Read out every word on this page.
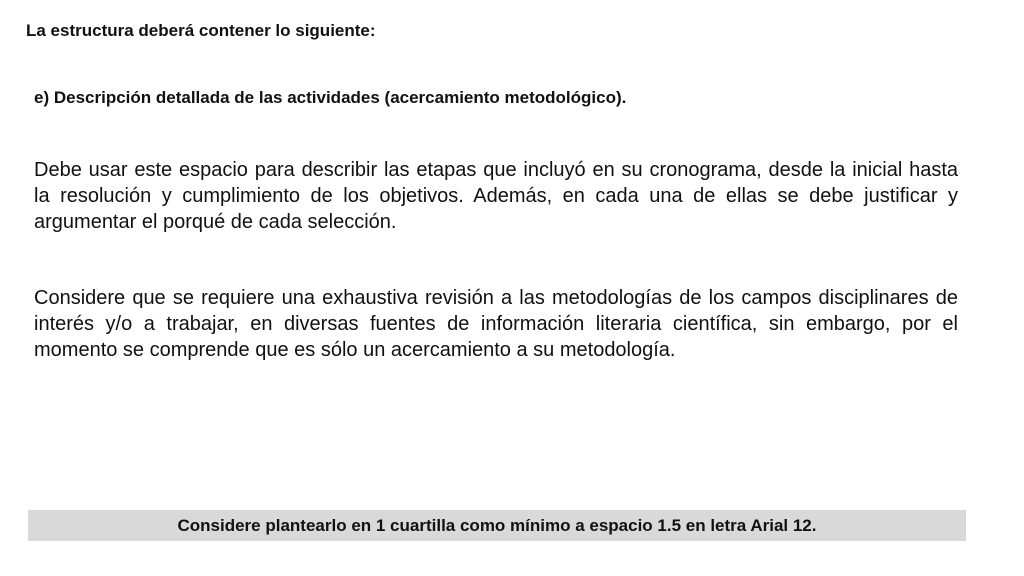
La estructura deberá contener lo siguiente:
e) Descripción detallada de las actividades (acercamiento metodológico).
Debe usar este espacio para describir las etapas que incluyó en su cronograma, desde la inicial hasta la resolución y cumplimiento de los objetivos. Además, en cada una de ellas se debe justificar y argumentar el porqué de cada selección.
Considere que se requiere una exhaustiva revisión a las metodologías de los campos disciplinares de interés y/o a trabajar, en diversas fuentes de información literaria científica, sin embargo, por el momento se comprende que es sólo un acercamiento a su metodología.
Considere plantearlo en 1 cuartilla como mínimo a espacio 1.5 en letra Arial 12.
